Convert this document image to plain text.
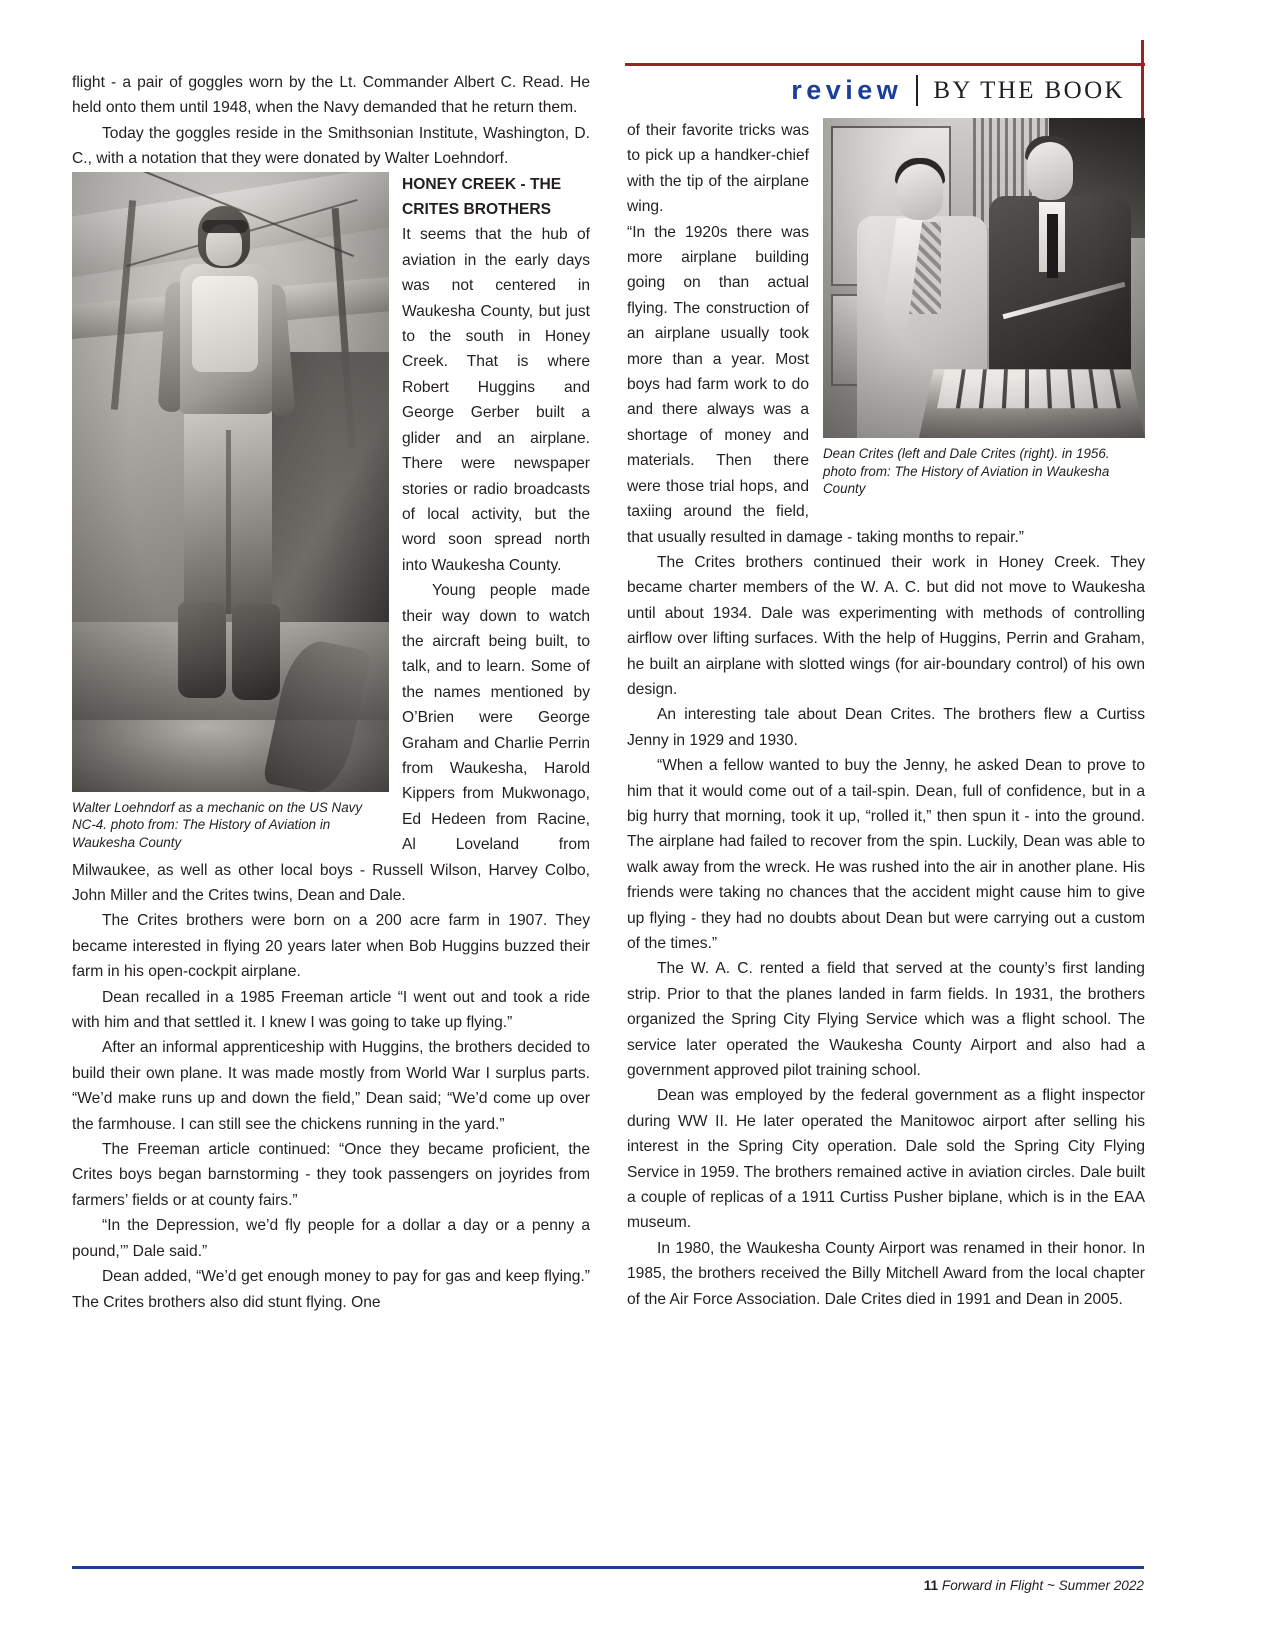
review	BY THE BOOK

flight - a pair of goggles worn by the Lt. Commander Albert C. Read. He held onto them until 1948, when the Navy demanded that he return them.

Today the goggles reside in the Smithsonian Institute, Washington, D. C., with a notation that they were donated by Walter Loehndorf.

Walter Loehndorf as a mechanic on the US Navy NC-4. photo from: The History of Aviation in Waukesha County
HONEY CREEK - THE CRITES BROTHERS

It seems that the hub of aviation in the early days was not centered in Waukesha County, but just to the south in Honey Creek. That is where Robert Huggins and George Gerber built a glider and an airplane. There were newspaper stories or radio broadcasts of local activity, but the word soon spread north into Waukesha County.

Young people made their way down to watch the aircraft being built, to talk, and to learn. Some of the names mentioned by O’Brien were George Graham and Charlie Perrin from Waukesha, Harold Kippers from Mukwonago, Ed Hedeen from Racine, Al Loveland from Milwaukee, as well as other local boys - Russell Wilson, Harvey Colbo, John Miller and the Crites twins, Dean and Dale.

The Crites brothers were born on a 200 acre farm in 1907. They became interested in flying 20 years later when Bob Huggins buzzed their farm in his open-cockpit airplane.

Dean recalled in a 1985 Freeman article “I went out and took a ride with him and that settled it. I knew I was going to take up flying.”

After an informal apprenticeship with Huggins, the brothers decided to build their own plane. It was made mostly from World War I surplus parts. “We’d make runs up and down the field,” Dean said; “We’d come up over the farmhouse. I can still see the chickens running in the yard.”

The Freeman article continued: “Once they became proficient, the Crites boys began barnstorming - they took passengers on joyrides from farmers’ fields or at county fairs.”

“In the Depression, we’d fly people for a dollar a day or a penny a pound,’” Dale said.”

Dean added, “We’d get enough money to pay for gas and keep flying.” The Crites brothers also did stunt flying. One

Dean Crites (left and Dale Crites (right). in 1956. photo from: The History of Aviation in Waukesha County

of their favorite tricks was to pick up a handker-chief with the tip of the airplane wing.

“In the 1920s there was more airplane building going on than actual flying. The construction of an airplane usually took more than a year. Most boys had farm work to do and there always was a shortage of money and materials. Then there were those trial hops, and taxiing around the field, that usually resulted in damage - taking months to repair.”

The Crites brothers continued their work in Honey Creek. They became charter members of the W. A. C. but did not move to Waukesha until about 1934. Dale was experimenting with methods of controlling airflow over lifting surfaces. With the help of Huggins, Perrin and Graham, he built an airplane with slotted wings (for air-boundary control) of his own design.

An interesting tale about Dean Crites. The brothers flew a Curtiss Jenny in 1929 and 1930.

“When a fellow wanted to buy the Jenny, he asked Dean to prove to him that it would come out of a tail-spin. Dean, full of confidence, but in a big hurry that morning, took it up, “rolled it,” then spun it - into the ground. The airplane had failed to recover from the spin. Luckily, Dean was able to walk away from the wreck. He was rushed into the air in another plane. His friends were taking no chances that the accident might cause him to give up flying - they had no doubts about Dean but were carrying out a custom of the times.”

The W. A. C. rented a field that served at the county’s first landing strip. Prior to that the planes landed in farm fields. In 1931, the brothers organized the Spring City Flying Service which was a flight school. The service later operated the Waukesha County Airport and also had a government approved pilot training school.

Dean was employed by the federal government as a flight inspector during WW II. He later operated the Manitowoc airport after selling his interest in the Spring City operation. Dale sold the Spring City Flying Service in 1959. The brothers remained active in aviation circles. Dale built a couple of replicas of a 1911 Curtiss Pusher biplane, which is in the EAA museum.

In 1980, the Waukesha County Airport was renamed in their honor. In 1985, the brothers received the Billy Mitchell Award from the local chapter of the Air Force Association. Dale Crites died in 1991 and Dean in 2005.

11 Forward in Flight ~ Summer 2022
